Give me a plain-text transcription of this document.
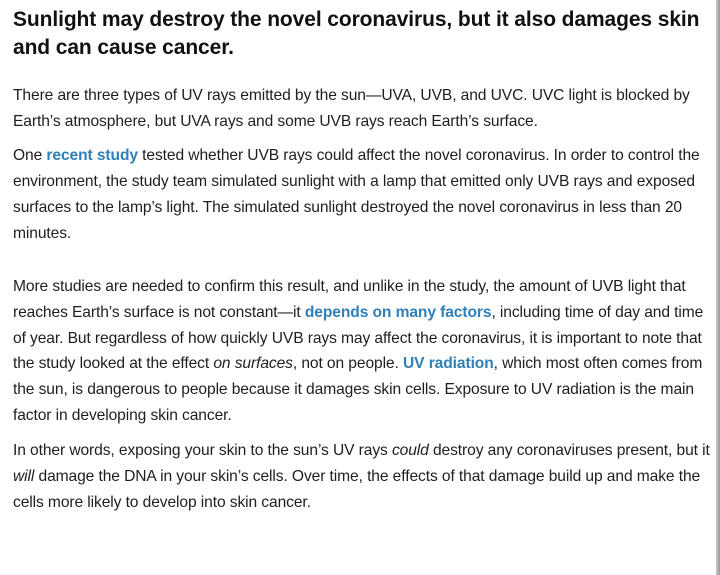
Sunlight may destroy the novel coronavirus, but it also damages skin and can cause cancer.

There are three types of UV rays emitted by the sun—UVA, UVB, and UVC. UVC light is blocked by Earth’s atmosphere, but UVA rays and some UVB rays reach Earth’s surface.

One recent study tested whether UVB rays could affect the novel coronavirus. In order to control the environment, the study team simulated sunlight with a lamp that emitted only UVB rays and exposed surfaces to the lamp’s light. The simulated sunlight destroyed the novel coronavirus in less than 20 minutes.

More studies are needed to confirm this result, and unlike in the study, the amount of UVB light that reaches Earth’s surface is not constant—it depends on many factors, including time of day and time of year. But regardless of how quickly UVB rays may affect the coronavirus, it is important to note that the study looked at the effect on surfaces, not on people. UV radiation, which most often comes from the sun, is dangerous to people because it damages skin cells. Exposure to UV radiation is the main factor in developing skin cancer.

In other words, exposing your skin to the sun’s UV rays could destroy any coronaviruses present, but it will damage the DNA in your skin’s cells. Over time, the effects of that damage build up and make the cells more likely to develop into skin cancer.
